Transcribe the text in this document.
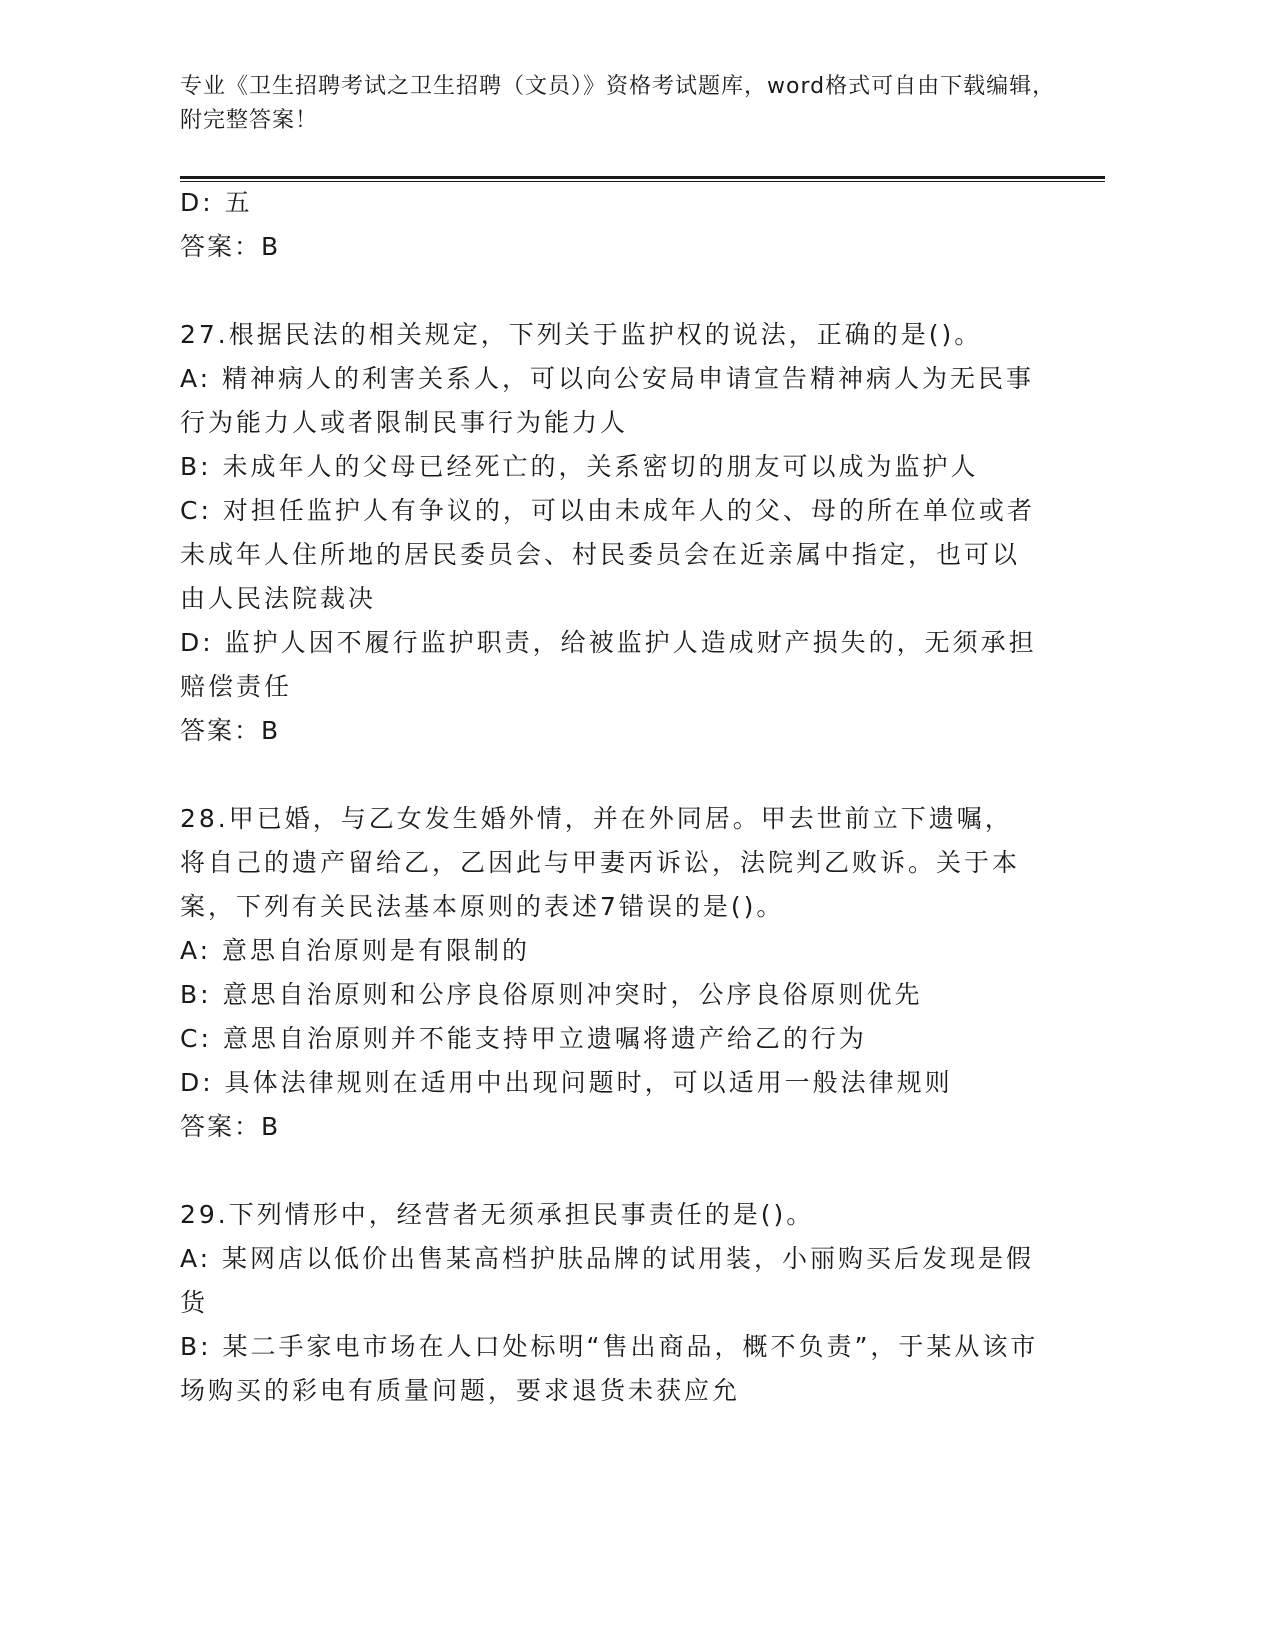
专业《卫生招聘考试之卫生招聘（文员）》资格考试题库，word格式可自由下载编辑，附完整答案！

D: 五

答案：B

27.根据民法的相关规定，下列关于监护权的说法，正确的是()。

A: 精神病人的利害关系人，可以向公安局申请宣告精神病人为无民事行为能力人或者限制民事行为能力人

B: 未成年人的父母已经死亡的，关系密切的朋友可以成为监护人

C: 对担任监护人有争议的，可以由未成年人的父、母的所在单位或者未成年人住所地的居民委员会、村民委员会在近亲属中指定，也可以由人民法院裁决

D: 监护人因不履行监护职责，给被监护人造成财产损失的，无须承担赔偿责任

答案：B

28.甲已婚，与乙女发生婚外情，并在外同居。甲去世前立下遗嘱，将自己的遗产留给乙，乙因此与甲妻丙诉讼，法院判乙败诉。关于本案，下列有关民法基本原则的表述7错误的是()。

A: 意思自治原则是有限制的

B: 意思自治原则和公序良俗原则冲突时，公序良俗原则优先

C: 意思自治原则并不能支持甲立遗嘱将遗产给乙的行为

D: 具体法律规则在适用中出现问题时，可以适用一般法律规则

答案：B

29.下列情形中，经营者无须承担民事责任的是()。

A: 某网店以低价出售某高档护肤品牌的试用装，小丽购买后发现是假货

B: 某二手家电市场在人口处标明“售出商品，概不负责”，于某从该市场购买的彩电有质量问题，要求退货未获应允
